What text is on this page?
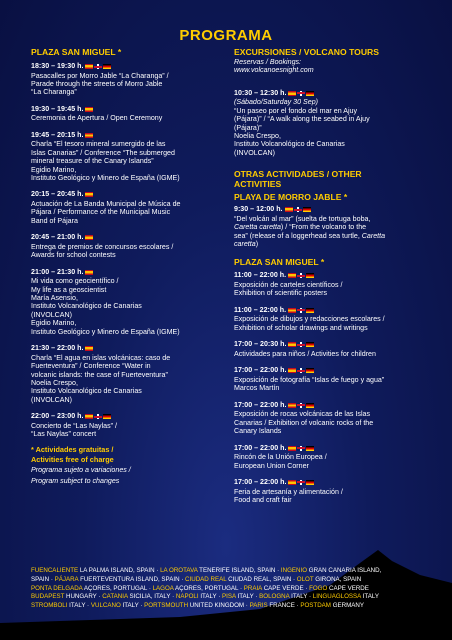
PROGRAMA
PLAZA SAN MIGUEL *
18:30 – 19:30 h.
Pasacalles por Morro Jable “La Charanga” /
Parade through the streets of Morro Jable
“La Charanga”
19:30 – 19:45 h.
Ceremonia de Apertura / Open Ceremony
19:45 – 20:15 h.
Charla “El tesoro mineral sumergido de las
Islas Canarias” / Conference “The submerged
mineral treasure of the Canary Islands”
Egidio Marino,
Instituto Geológico y Minero de España (IGME)
20:15 – 20:45 h.
Actuación de La Banda Municipal de Música de
Pájara / Performance of the Municipal Music
Band of Pájara
20:45 – 21:00 h.
Entrega de premios de concursos escolares /
Awards for school contests
21:00 – 21:30 h.
Mi vida como geocientífico /
My life as a geoscientist
María Asensio,
Instituto Volcanológico de Canarias
(INVOLCAN)
Egidio Marino,
Instituto Geológico y Minero de España (IGME)
21:30 – 22:00 h.
Charla “El agua en islas volcánicas: caso de
Fuerteventura” / Conference “Water in
volcanic islands: the case of Fuerteventura”
Noelia Crespo,
Instituto Volcanológico de Canarias
(INVOLCAN)
22:00 – 23:00 h.
Concierto de “Las Naylas” /
“Las Naylas” concert
* Actividades gratuitas /
Activities free of charge
Programa sujeto a variaciones /
Program subject to changes
EXCURSIONES / VOLCANO TOURS
Reservas / Bookings:
www.volcanoesnight.com
10:30 – 12:30 h.
(Sábado/Saturday 30 Sep)
“Un paseo por el fondo del mar en Ajuy
(Pájara)” / “A walk along the seabed in Ajuy
(Pájara)”
Noelia Crespo,
Instituto Volcanológico de Canarias
(INVOLCAN)
OTRAS ACTIVIDADES / OTHER
ACTIVITIES
PLAYA DE MORRO JABLE *
9:30 – 12:00 h.
“Del volcán al mar” (suelta de tortuga boba,
Caretta caretta) / “From the volcano to the
sea” (release of a loggerhead sea turtle, Caretta
caretta)
PLAZA SAN MIGUEL *
11:00 – 22:00 h.
Exposición de carteles científicos /
Exhibition of scientific posters
11:00 – 22:00 h.
Exposición de dibujos y redacciones escolares /
Exhibition of scholar drawings and writings
17:00 – 20:30 h.
Actividades para niños / Activities for children
17:00 – 22:00 h.
Exposición de fotografía “Islas de fuego y agua”
Marcos Martín
17:00 – 22:00 h.
Exposición de rocas volcánicas de las Islas
Canarias / Exhibition of volcanic rocks of the
Canary Islands
17:00 – 22:00 h.
Rincón de la Unión Europea /
European Union Corner
17:00 – 22:00 h.
Feria de artesanía y alimentación /
Food and craft fair
FUENCALIENTE LA PALMA ISLAND, SPAIN · LA OROTAVA TENERIFE ISLAND, SPAIN · INGENIO GRAN CANARIA ISLAND,
SPAIN · PÁJARA FUERTEVENTURA ISLAND, SPAIN · CIUDAD REAL CIUDAD REAL, SPAIN · OLOT GIRONA, SPAIN
PONTA DELGADA AÇORES, PORTUGAL · LAGOA AÇORES, PORTUGAL · PRAIA CAPE VERDE · FOGO CAPE VERDE
BUDAPEST HUNGARY · CATANIA SICILIA, ITALY · NAPOLI ITALY · PISA ITALY · BOLOGNA ITALY · LINGUAGLOSSA ITALY
STROMBOLI ITALY · VULCANO ITALY · PORTSMOUTH UNITED KINGDOM · PARIS FRANCE · POSTDAM GERMANY
